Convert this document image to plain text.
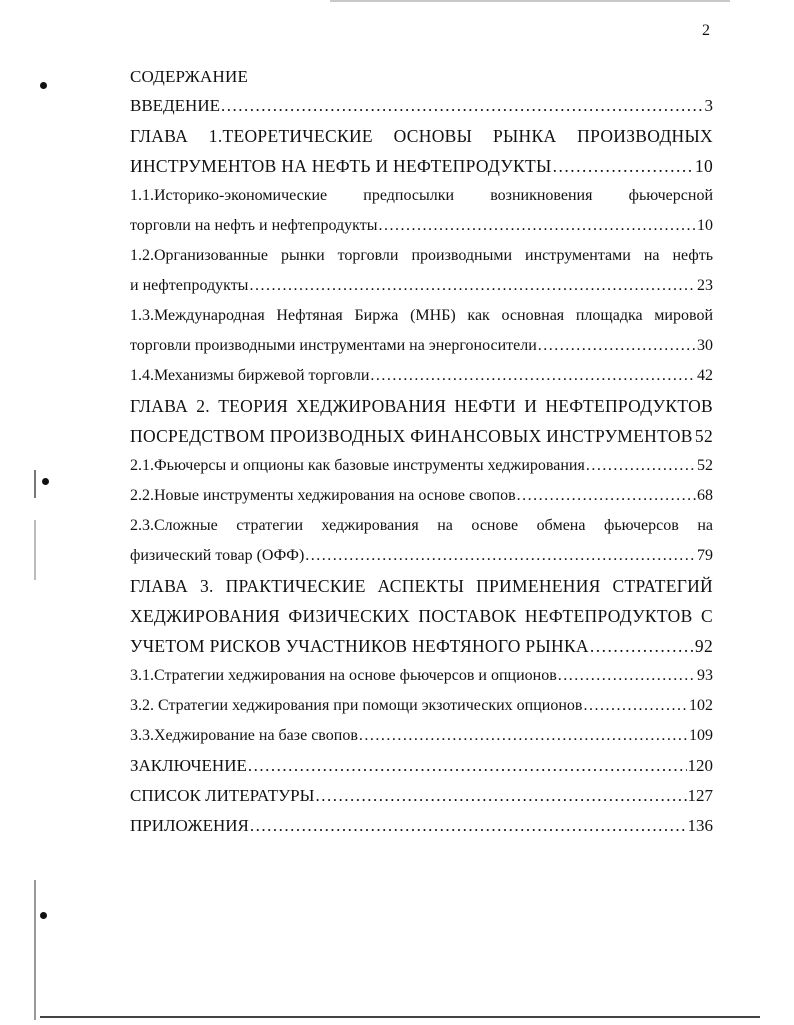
2
СОДЕРЖАНИЕ
ВВЕДЕНИЕ .....	3
ГЛАВА 1.ТЕОРЕТИЧЕСКИЕ ОСНОВЫ РЫНКА ПРОИЗВОДНЫХ
ИНСТРУМЕНТОВ НА НЕФТЬ И НЕФТЕПРОДУКТЫ .....	10
1.1.Историко-экономические предпосылки возникновения фьючерсной
торговли на нефть и нефтепродукты .....	10
1.2.Организованные рынки торговли производными инструментами на нефть
и нефтепродукты .....	23
1.3.Международная Нефтяная Биржа (МНБ) как основная площадка мировой
торговли производными инструментами на энергоносители .....	30
1.4.Механизмы биржевой торговли .....	42
ГЛАВА 2. ТЕОРИЯ ХЕДЖИРОВАНИЯ НЕФТИ И НЕФТЕПРОДУКТОВ
ПОСРЕДСТВОМ ПРОИЗВОДНЫХ ФИНАНСОВЫХ ИНСТРУМЕНТОВ ..... 52
2.1.Фьючерсы и опционы как базовые инструменты хеджирования .....	52
2.2.Новые инструменты хеджирования на основе свопов .....	68
2.3.Сложные стратегии хеджирования на основе обмена фьючерсов на
физический товар (ОФФ) .....	79
ГЛАВА 3. ПРАКТИЧЕСКИЕ АСПЕКТЫ ПРИМЕНЕНИЯ СТРАТЕГИЙ
ХЕДЖИРОВАНИЯ ФИЗИЧЕСКИХ ПОСТАВОК НЕФТЕПРОДУКТОВ С
УЧЕТОМ РИСКОВ УЧАСТНИКОВ НЕФТЯНОГО РЫНКА .....	92
3.1.Стратегии хеджирования на основе фьючерсов и опционов .....	93
3.2. Стратегии хеджирования при помощи экзотических опционов .....	102
3.3.Хеджирование на базе свопов .....	109
ЗАКЛЮЧЕНИЕ .....	120
СПИСОК ЛИТЕРАТУРЫ .....	127
ПРИЛОЖЕНИЯ .....	136
